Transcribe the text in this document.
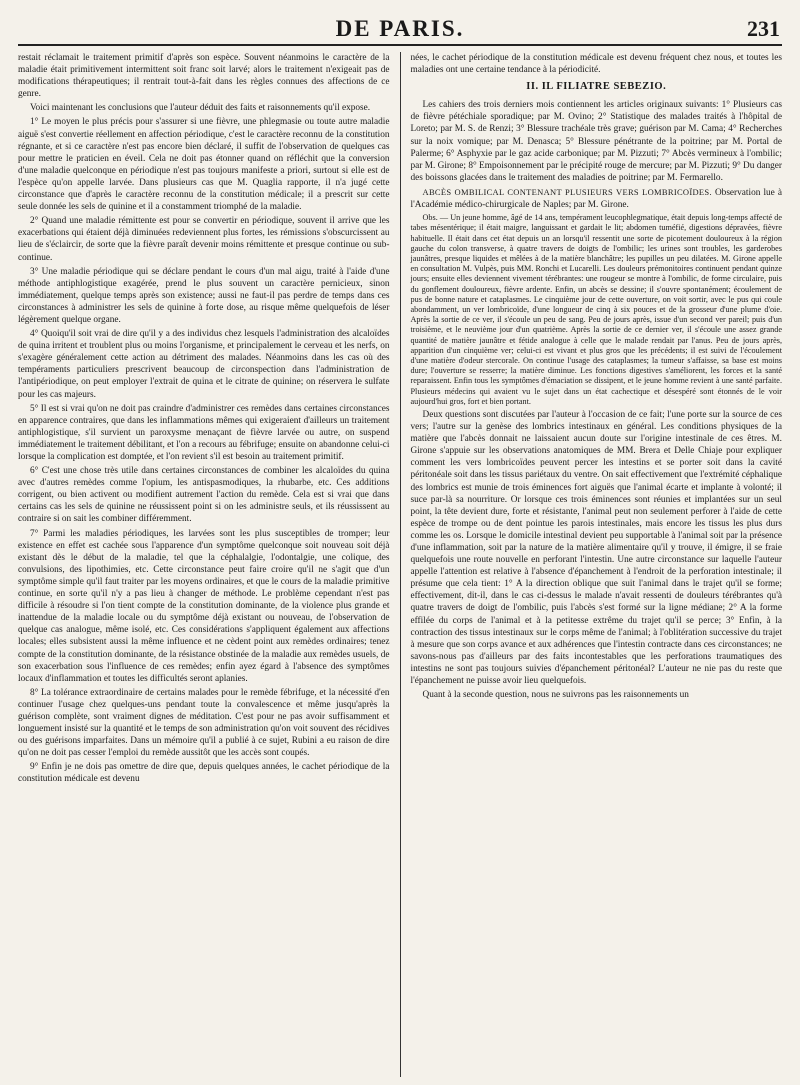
DE PARIS.	231

restait réclamait le traitement primitif d'après son espèce. Souvent néanmoins le caractère de la maladie était primitivement intermittent soit franc soit larvé; alors le traitement n'exigeait pas de modifications thérapeutiques; il rentrait tout-à-fait dans les règles connues des affections de ce genre.

Voici maintenant les conclusions que l'auteur déduit des faits et raisonnements qu'il expose.

1° Le moyen le plus précis pour s'assurer si une fièvre, une phlegmasie ou toute autre maladie aiguë s'est convertie réellement en affection périodique, c'est le caractère reconnu de la constitution régnante, et si ce caractère n'est pas encore bien déclaré, il suffit de l'observation de quelques cas pour mettre le praticien en éveil. Cela ne doit pas étonner quand on réfléchit que la conversion d'une maladie quelconque en périodique n'est pas toujours manifeste a priori, surtout si elle est de l'espèce qu'on appelle larvée. Dans plusieurs cas que M. Quaglia rapporte, il n'a jugé cette circonstance que d'après le caractère reconnu de la constitution médicale; il a prescrit sur cette seule donnée les sels de quinine et il a constamment triomphé de la maladie.

2° Quand une maladie rémittente est pour se convertir en périodique, souvent il arrive que les exacerbations qui étaient déjà diminuées redeviennent plus fortes, les rémissions s'obscurcissent au lieu de s'éclaircir, de sorte que la fièvre paraît devenir moins rémittente et presque continue ou sub-continue.

3° Une maladie périodique qui se déclare pendant le cours d'un mal aigu, traité à l'aide d'une méthode antiphlogistique exagérée, prend le plus souvent un caractère pernicieux, sinon immédiatement, quelque temps après son existence; aussi ne faut-il pas perdre de temps dans ces circonstances à administrer les sels de quinine à forte dose, au risque même quelquefois de léser légèrement quelque organe.

4° Quoiqu'il soit vrai de dire qu'il y a des individus chez lesquels l'administration des alcaloïdes de quina irritent et troublent plus ou moins l'organisme, et principalement le cerveau et les nerfs, on s'exagère généralement cette action au détriment des malades. Néanmoins dans les cas où des tempéraments particuliers prescrivent beaucoup de circonspection dans l'administration de l'antipériodique, on peut employer l'extrait de quina et le citrate de quinine; on réservera le sulfate pour les cas majeurs.

5° Il est si vrai qu'on ne doit pas craindre d'administrer ces remèdes dans certaines circonstances en apparence contraires, que dans les inflammations mêmes qui exigeraient d'ailleurs un traitement antiphlogistique, s'il survient un paroxysme menaçant de fièvre larvée ou autre, on suspend immédiatement le traitement débilitant, et l'on a recours au fébrifuge; ensuite on abandonne celui-ci lorsque la complication est domptée, et l'on revient s'il est besoin au traitement primitif.

6° C'est une chose très utile dans certaines circonstances de combiner les alcaloïdes du quina avec d'autres remèdes comme l'opium, les antispasmodiques, la rhubarbe, etc. Ces additions corrigent, ou bien activent ou modifient autrement l'action du remède. Cela est si vrai que dans certains cas les sels de quinine ne réussissent point si on les administre seuls, et ils réussissent au contraire si on sait les combiner différemment.

7° Parmi les maladies périodiques, les larvées sont les plus susceptibles de tromper; leur existence en effet est cachée sous l'apparence d'un symptôme quelconque soit nouveau soit déjà existant dès le début de la maladie, tel que la céphalalgie, l'odontalgie, une colique, des convulsions, des lipothimies, etc. Cette circonstance peut faire croire qu'il ne s'agit que d'un symptôme simple qu'il faut traiter par les moyens ordinaires, et que le cours de la maladie primitive continue, en sorte qu'il n'y a pas lieu à changer de méthode. Le problème cependant n'est pas difficile à résoudre si l'on tient compte de la constitution dominante, de la violence plus grande et inattendue de la maladie locale ou du symptôme déjà existant ou nouveau, de l'observation de quelque cas analogue, même isolé, etc. Ces considérations s'appliquent également aux affections locales; elles subsistent aussi la même influence et ne cèdent point aux remèdes ordinaires; tenez compte de la constitution dominante, de la résistance obstinée de la maladie aux remèdes usuels, de son exacerbation sous l'influence de ces remèdes; enfin ayez égard à l'absence des symptômes locaux d'inflammation et toutes les difficultés seront aplanies.

8° La tolérance extraordinaire de certains malades pour le remède fébrifuge, et la nécessité d'en continuer l'usage chez quelques-uns pendant toute la convalescence et même jusqu'après la guérison complète, sont vraiment dignes de méditation. C'est pour ne pas avoir suffisamment et longuement insisté sur la quantité et le temps de son administration qu'on voit souvent des récidives ou des guérisons imparfaites. Dans un mémoire qu'il a publié à ce sujet, Rubini a eu raison de dire qu'on ne doit pas cesser l'emploi du remède aussitôt que les accès sont coupés.

9° Enfin je ne dois pas omettre de dire que, depuis quelques années, le cachet périodique de la constitution médicale est devenu

nées, le cachet périodique de la constitution médicale est devenu fréquent chez nous, et toutes les maladies ont une certaine tendance à la périodicité.

II. IL FILIATRE SEBEZIO.

Les cahiers des trois derniers mois contiennent les articles originaux suivants: 1° Plusieurs cas de fièvre pétéchiale sporadique; par M. Ovino; 2° Statistique des malades traités à l'hôpital de Loreto; par M. S. de Renzi; 3° Blessure trachéale très grave; guérison par M. Cama; 4° Recherches sur la noix vomique; par M. Denasca; 5° Blessure pénétrante de la poitrine; par M. Portal de Palerme; 6° Asphyxie par le gaz acide carbonique; par M. Pizzuti; 7° Abcès vermineux à l'ombilic; par M. Girone; 8° Empoisonnement par le précipité rouge de mercure; par M. Pizzuti; 9° Du danger des boissons glacées dans le traitement des maladies de poitrine; par M. Fermarello.

ABCÈS OMBILICAL CONTENANT PLUSIEURS VERS LOMBRICOÏDES. Observation lue à l'Académie médico-chirurgicale de Naples; par M. Girone.

Obs. — Un jeune homme, âgé de 14 ans, tempérament leucophlegmatique, était depuis long-temps affecté de tabes mésentérique; il était maigre, languissant et gardait le lit; abdomen tuméfié, digestions dépravées, fièvre habituelle. Il était dans cet état depuis un an lorsqu'il ressentit une sorte de picotement douloureux à la région gauche du colon transverse, à quatre travers de doigts de l'ombilic; les urines sont troubles, les garderobes jaunâtres, presque liquides et mêlées à de la matière blanchâtre; les pupilles un peu dilatées. M. Girone appelle en consultation M. Vulpès, puis MM. Ronchi et Lucarelli. Les douleurs prémonitoires continuent pendant quinze jours; ensuite elles deviennent vivement térébrantes: une rougeur se montre à l'ombilic, de forme circulaire, puis du gonflement douloureux, fièvre ardente. Enfin, un abcès se dessine; il s'ouvre spontanément; écoulement de pus de bonne nature et cataplasmes. Le cinquième jour de cette ouverture, on voit sortir, avec le pus qui coule abondamment, un ver lombricoïde, d'une longueur de cinq à six pouces et de la grosseur d'une plume d'oie. Après la sortie de ce ver, il s'écoule un peu de sang. Peu de jours après, issue d'un second ver pareil; puis d'un troisième, et le neuvième jour d'un quatrième. Après la sortie de ce dernier ver, il s'écoule une assez grande quantité de matière jaunâtre et fétide analogue à celle que le malade rendait par l'anus. Peu de jours après, apparition d'un cinquième ver; celui-ci est vivant et plus gros que les précédents; il est suivi de l'écoulement d'une matière d'odeur stercorale. On continue l'usage des cataplasmes; la tumeur s'affaisse, sa base est moins dure; l'ouverture se resserre; la matière diminue. Les fonctions digestives s'améliorent, les forces et la santé reparaissent. Enfin tous les symptômes d'émaciation se dissipent, et le jeune homme revient à une santé parfaite. Plusieurs médecins qui avaient vu le sujet dans un état cachectique et désespéré sont étonnés de le voir aujourd'hui gros, fort et bien portant.

Deux questions sont discutées par l'auteur à l'occasion de ce fait; l'une porte sur la source de ces vers; l'autre sur la genèse des lombrics intestinaux en général. Les conditions physiques de la matière que l'abcès donnait ne laissaient aucun doute sur l'origine intestinale de ces êtres. M. Girone s'appuie sur les observations anatomiques de MM. Brera et Delle Chiaje pour expliquer comment les vers lombricoïdes peuvent percer les intestins et se porter soit dans la cavité péritonéale soit dans les tissus pariétaux du ventre. On sait effectivement que l'extrémité céphalique des lombrics est munie de trois éminences fort aiguës que l'animal écarte et implante à volonté; il suce par-là sa nourriture. Or lorsque ces trois éminences sont réunies et implantées sur un seul point, la tête devient dure, forte et résistante, l'animal peut non seulement perforer à l'aide de cette espèce de trompe ou de dent pointue les parois intestinales, mais encore les tissus les plus durs comme les os. Lorsque le domicile intestinal devient peu supportable à l'animal soit par la présence d'une inflammation, soit par la nature de la matière alimentaire qu'il y trouve, il émigre, il se fraie quelquefois une route nouvelle en perforant l'intestin. Une autre circonstance sur laquelle l'auteur appelle l'attention est relative à l'absence d'épanchement à l'endroit de la perforation intestinale; il présume que cela tient: 1° A la direction oblique que suit l'animal dans le trajet qu'il se forme; effectivement, dit-il, dans le cas ci-dessus le malade n'avait ressenti de douleurs térébrantes qu'à quatre travers de doigt de l'ombilic, puis l'abcès s'est formé sur la ligne médiane; 2° A la forme effilée du corps de l'animal et à la petitesse extrême du trajet qu'il se perce; 3° Enfin, à la contraction des tissus intestinaux sur le corps même de l'animal; à l'oblitération successive du trajet à mesure que son corps avance et aux adhérences que l'intestin contracte dans ces circonstances; ne savons-nous pas d'ailleurs par des faits incontestables que les perforations traumatiques des intestins ne sont pas toujours suivies d'épanchement péritonéal? L'auteur ne nie pas du reste que l'épanchement ne puisse avoir lieu quelquefois.

Quant à la seconde question, nous ne suivrons pas les raisonnements un
